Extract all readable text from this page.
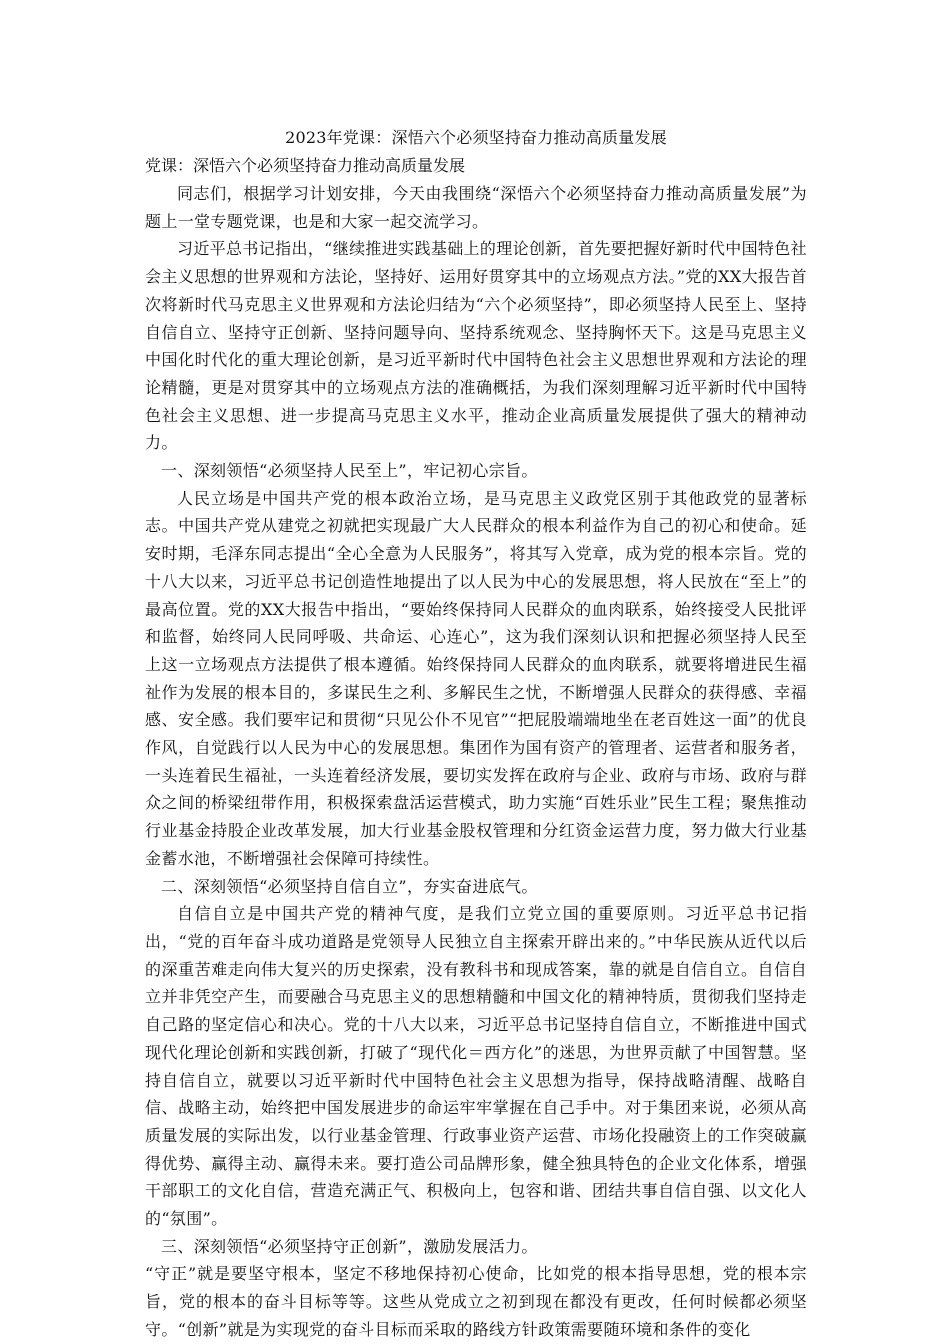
2023年党课：深悟六个必须坚持奋力推动高质量发展
党课：深悟六个必须坚持奋力推动高质量发展

同志们，根据学习计划安排，今天由我围绕“深悟六个必须坚持奋力推动高质量发展”为题上一堂专题党课，也是和大家一起交流学习。

习近平总书记指出，“继续推进实践基础上的理论创新，首先要把握好新时代中国特色社会主义思想的世界观和方法论，坚持好、运用好贯穿其中的立场观点方法。”党的XX大报告首次将新时代马克思主义世界观和方法论归结为“六个必须坚持”，即必须坚持人民至上、坚持自信自立、坚持守正创新、坚持问题导向、坚持系统观念、坚持胸怀天下。这是马克思主义中国化时代化的重大理论创新，是习近平新时代中国特色社会主义思想世界观和方法论的理论精髓，更是对贯穿其中的立场观点方法的准确概括，为我们深刻理解习近平新时代中国特色社会主义思想、进一步提高马克思主义水平，推动企业高质量发展提供了强大的精神动力。

一、深刻领悟“必须坚持人民至上”，牢记初心宗旨。

人民立场是中国共产党的根本政治立场，是马克思主义政党区别于其他政党的显著标志。中国共产党从建党之初就把实现最广大人民群众的根本利益作为自己的初心和使命。延安时期，毛泽东同志提出“全心全意为人民服务”，将其写入党章，成为党的根本宗旨。党的十八大以来，习近平总书记创造性地提出了以人民为中心的发展思想，将人民放在“至上”的最高位置。党的XX大报告中指出，“要始终保持同人民群众的血肉联系，始终接受人民批评和监督，始终同人民同呼吸、共命运、心连心”，这为我们深刻认识和把握必须坚持人民至上这一立场观点方法提供了根本遵循。始终保持同人民群众的血肉联系，就要将增进民生福祉作为发展的根本目的，多谋民生之利、多解民生之忧，不断增强人民群众的获得感、幸福感、安全感。我们要牢记和贯彻“只见公仆不见官”“把屁股端端地坐在老百姓这一面”的优良作风，自觉践行以人民为中心的发展思想。集团作为国有资产的管理者、运营者和服务者，一头连着民生福祉，一头连着经济发展，要切实发挥在政府与企业、政府与市场、政府与群众之间的桥梁纽带作用，积极探索盘活运营模式，助力实施“百姓乐业”民生工程；聚焦推动行业基金持股企业改革发展，加大行业基金股权管理和分红资金运营力度，努力做大行业基金蓄水池，不断增强社会保障可持续性。

二、深刻领悟“必须坚持自信自立”，夯实奋进底气。

自信自立是中国共产党的精神气度，是我们立党立国的重要原则。习近平总书记指出，“党的百年奋斗成功道路是党领导人民独立自主探索开辟出来的。”中华民族从近代以后的深重苦难走向伟大复兴的历史探索，没有教科书和现成答案，靠的就是自信自立。自信自立并非凭空产生，而要融合马克思主义的思想精髓和中国文化的精神特质，贯彻我们坚持走自己路的坚定信心和决心。党的十八大以来，习近平总书记坚持自信自立，不断推进中国式现代化理论创新和实践创新，打破了“现代化＝西方化”的迷思，为世界贡献了中国智慧。坚持自信自立，就要以习近平新时代中国特色社会主义思想为指导，保持战略清醒、战略自信、战略主动，始终把中国发展进步的命运牢牢掌握在自己手中。对于集团来说，必须从高质量发展的实际出发，以行业基金管理、行政事业资产运营、市场化投融资上的工作突破赢得优势、赢得主动、赢得未来。要打造公司品牌形象，健全独具特色的企业文化体系，增强干部职工的文化自信，营造充满正气、积极向上，包容和谐、团结共事自信自强、以文化人的“氛围”。

三、深刻领悟“必须坚持守正创新”，激励发展活力。

“守正”就是要坚守根本，坚定不移地保持初心使命，比如党的根本指导思想，党的根本宗旨，党的根本的奋斗目标等等。这些从党成立之初到现在都没有更改，任何时候都必须坚守。“创新”就是为实现党的奋斗目标而采取的路线方针政策需要随环境和条件的变化
